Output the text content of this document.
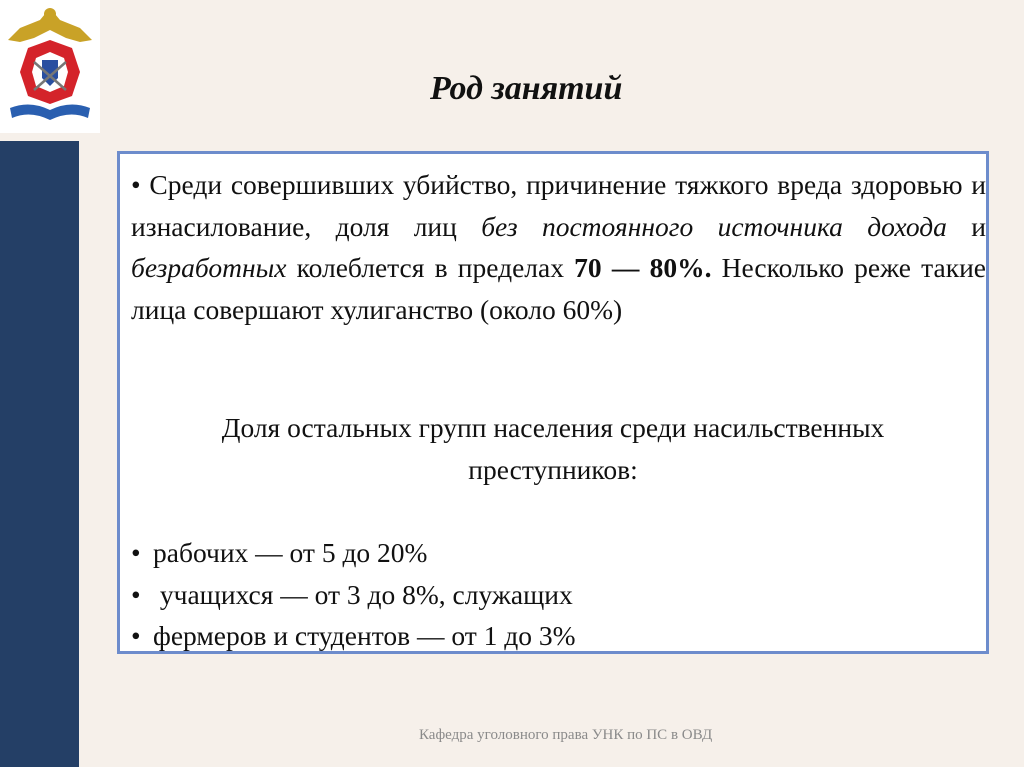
Род занятий
• Среди совершивших убийство, причинение тяжкого вреда здоровью и изнасилование, доля лиц без постоянного источника дохода и безработных колеблется в пределах 70 — 80%. Несколько реже такие лица совершают хулиганство (около 60%)
Доля остальных групп населения среди насильственных
преступников:
• рабочих — от 5 до 20%
• учащихся — от 3 до 8%, служащих
• фермеров и студентов — от 1 до 3%
Кафедра уголовного права УНК по ПС в ОВД
